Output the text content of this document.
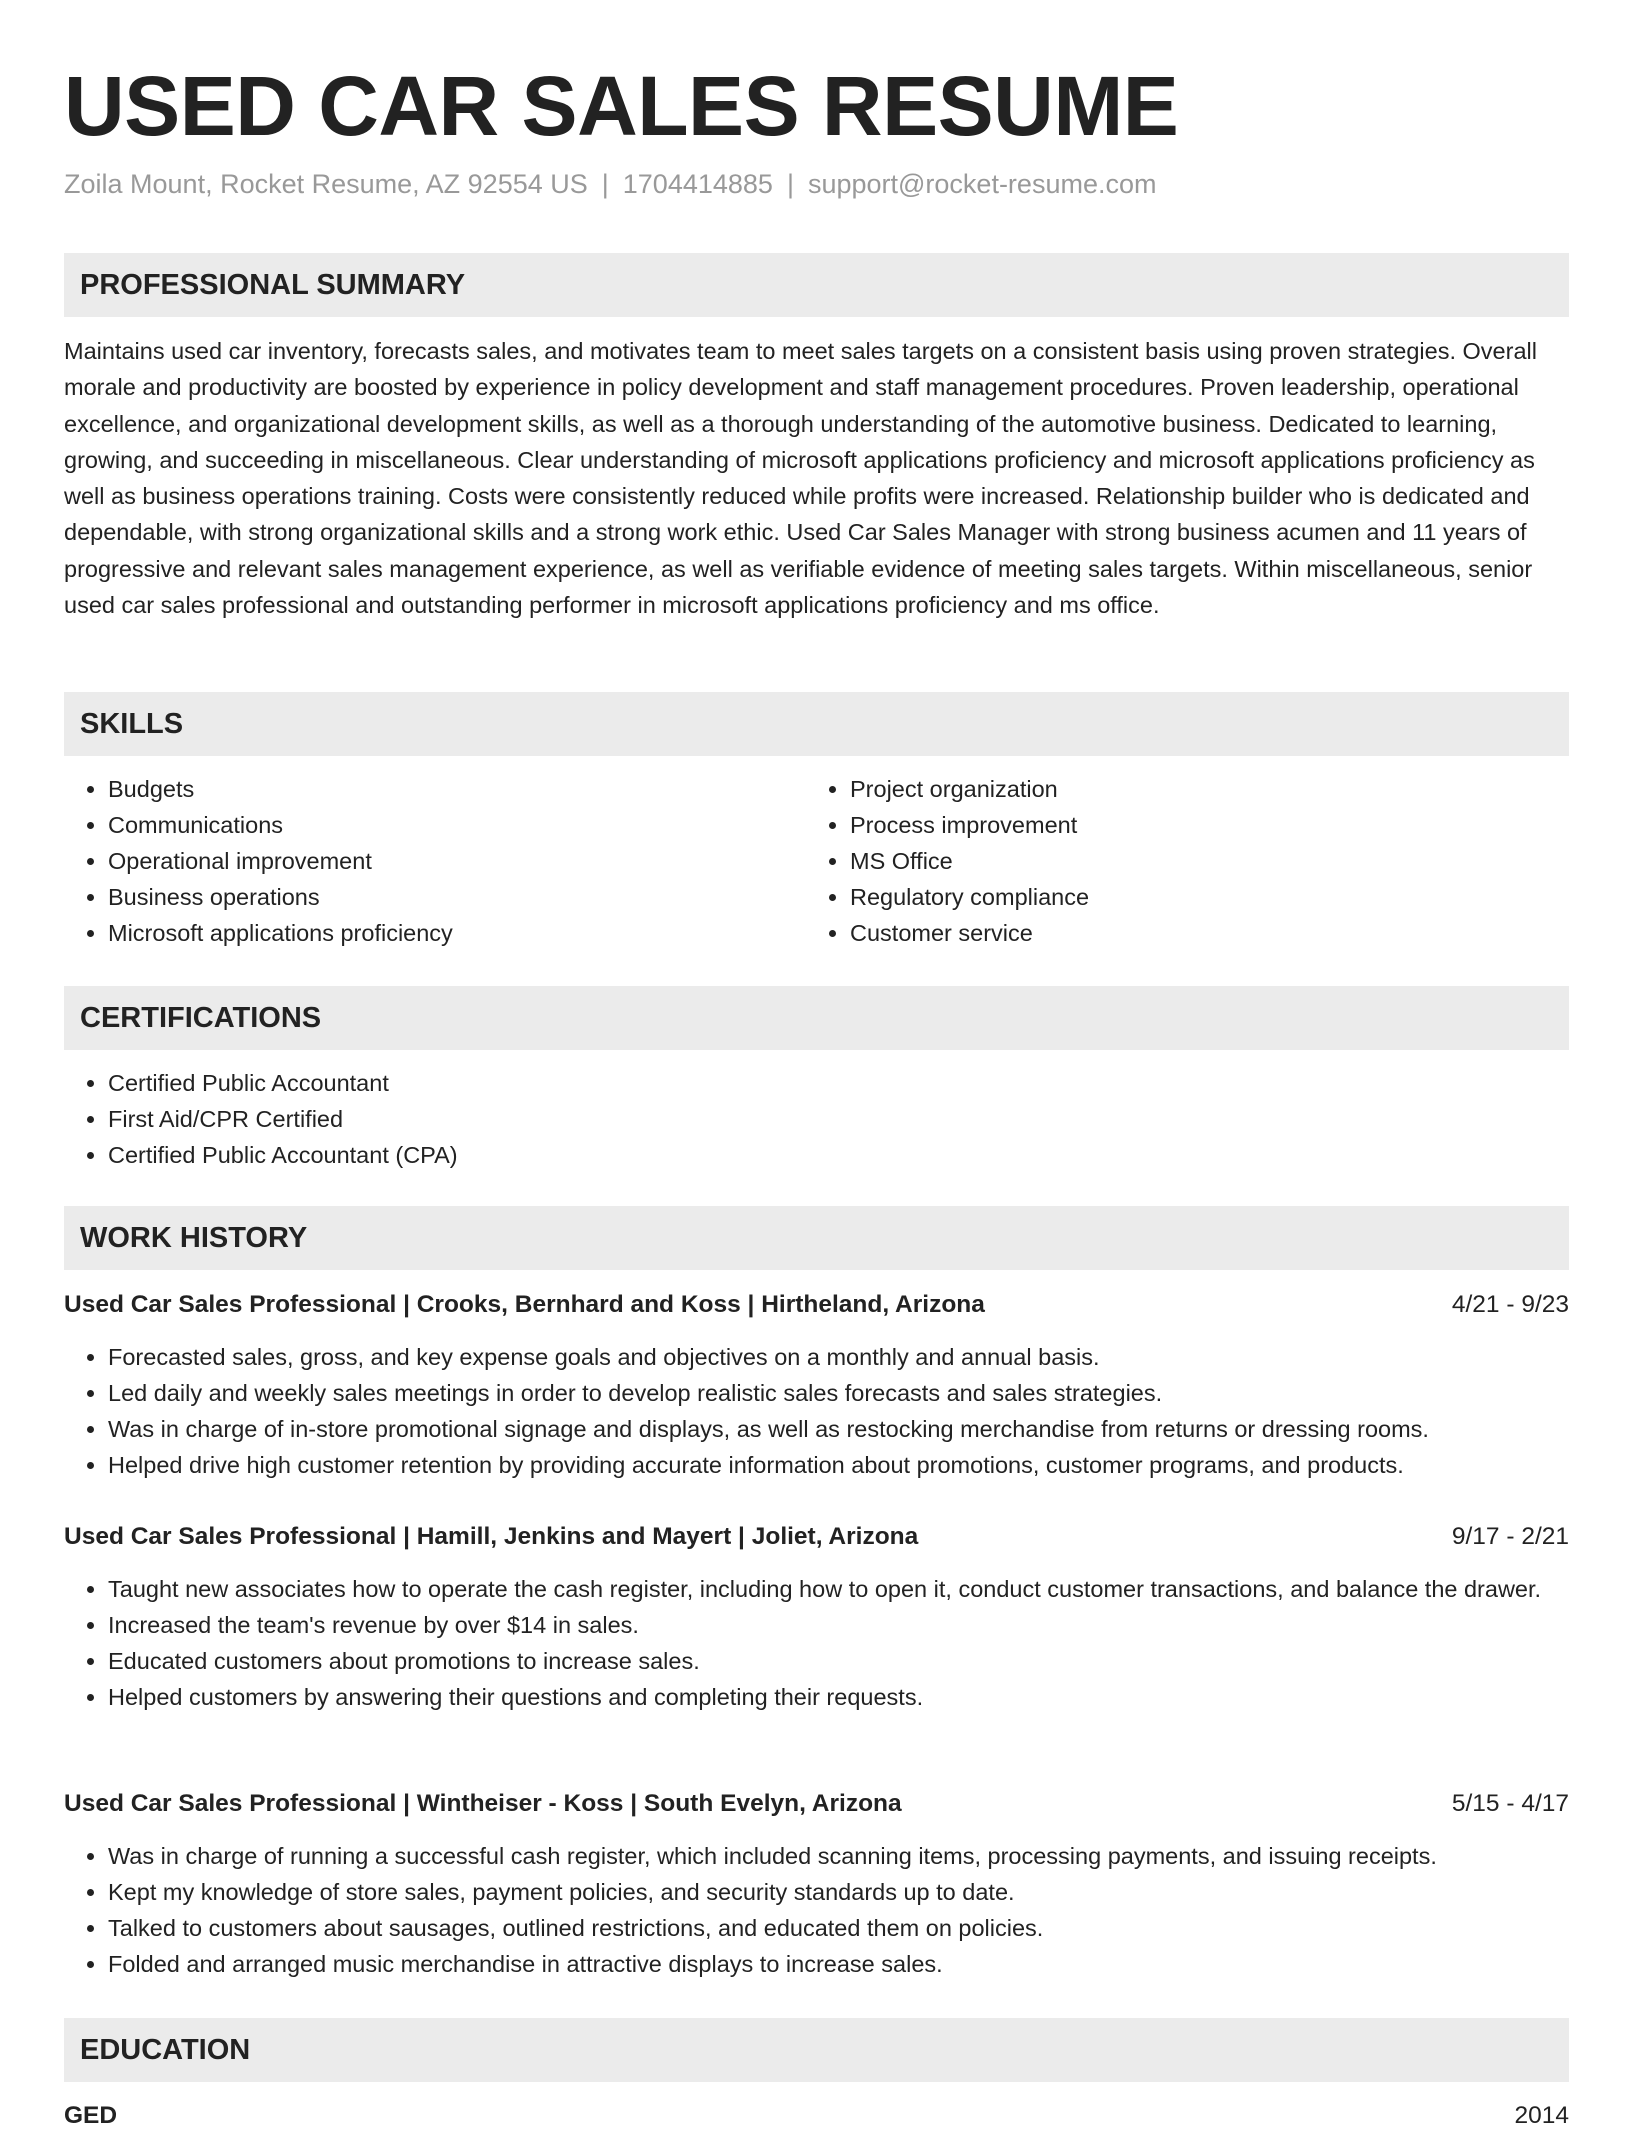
USED CAR SALES RESUME
Zoila Mount, Rocket Resume, AZ 92554 US | 1704414885 | support@rocket-resume.com
PROFESSIONAL SUMMARY

Maintains used car inventory, forecasts sales, and motivates team to meet sales targets on a consistent basis using proven strategies. Overall morale and productivity are boosted by experience in policy development and staff management procedures. Proven leadership, operational excellence, and organizational development skills, as well as a thorough understanding of the automotive business. Dedicated to learning, growing, and succeeding in miscellaneous. Clear understanding of microsoft applications proficiency and microsoft applications proficiency as well as business operations training. Costs were consistently reduced while profits were increased. Relationship builder who is dedicated and dependable, with strong organizational skills and a strong work ethic. Used Car Sales Manager with strong business acumen and 11 years of progressive and relevant sales management experience, as well as verifiable evidence of meeting sales targets. Within miscellaneous, senior used car sales professional and outstanding performer in microsoft applications proficiency and ms office.

SKILLS
• Budgets
• Communications
• Operational improvement
• Business operations
• Microsoft applications proficiency
• Project organization
• Process improvement
• MS Office
• Regulatory compliance
• Customer service
CERTIFICATIONS
• Certified Public Accountant
• First Aid/CPR Certified
• Certified Public Accountant (CPA)
WORK HISTORY
Used Car Sales Professional | Crooks, Bernhard and Koss | Hirtheland, Arizona	4/21 - 9/23
• Forecasted sales, gross, and key expense goals and objectives on a monthly and annual basis.
• Led daily and weekly sales meetings in order to develop realistic sales forecasts and sales strategies.
• Was in charge of in-store promotional signage and displays, as well as restocking merchandise from returns or dressing rooms.
• Helped drive high customer retention by providing accurate information about promotions, customer programs, and products.
Used Car Sales Professional | Hamill, Jenkins and Mayert | Joliet, Arizona	9/17 - 2/21
• Taught new associates how to operate the cash register, including how to open it, conduct customer transactions, and balance the drawer.
• Increased the team's revenue by over $14 in sales.
• Educated customers about promotions to increase sales.
• Helped customers by answering their questions and completing their requests.
Used Car Sales Professional | Wintheiser - Koss | South Evelyn, Arizona	5/15 - 4/17
• Was in charge of running a successful cash register, which included scanning items, processing payments, and issuing receipts.
• Kept my knowledge of store sales, payment policies, and security standards up to date.
• Talked to customers about sausages, outlined restrictions, and educated them on policies.
• Folded and arranged music merchandise in attractive displays to increase sales.
EDUCATION
GED	2014
